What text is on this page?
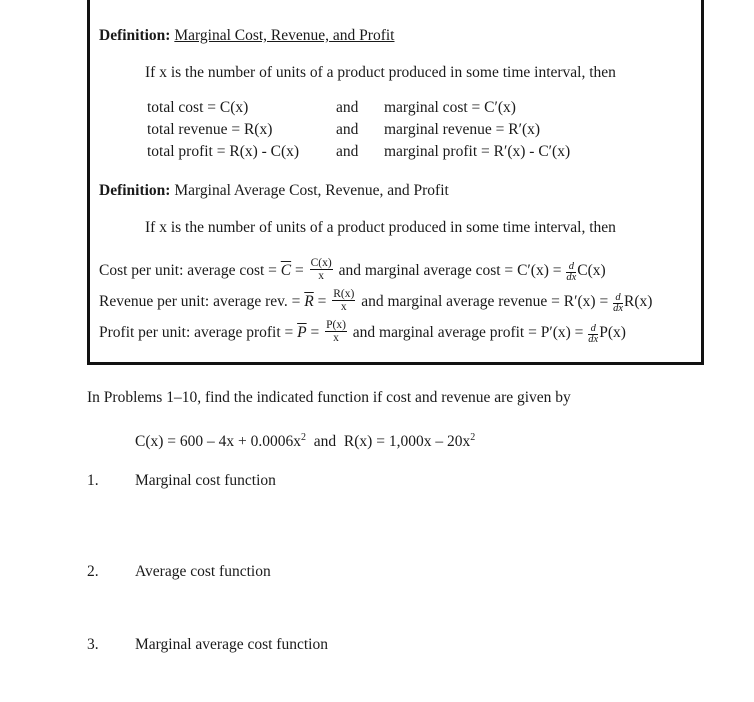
Definition: Marginal Cost, Revenue, and Profit
If x is the number of units of a product produced in some time interval, then
total cost = C(x)	and marginal cost = C′(x)
total revenue = R(x)	and marginal revenue = R′(x)
total profit = R(x) - C(x) and marginal profit = R′(x) - C′(x)
Definition: Marginal Average Cost, Revenue, and Profit
If x is the number of units of a product produced in some time interval, then
Cost per unit: average $\cos t = \overline{C} = \frac{C(x)}{x}$ and marginal average $\cos t = C'(x) = \frac{d}{dx}C(x)$
Revenue per unit: average rev. = $\overline{R} = \frac{R(x)}{x}$ and marginal average revenue = $R'(x) = \frac{d}{dx}R(x)$
Profit per unit: average profit = $\overline{P} = \frac{P(x)}{x}$ and marginal average profit = $P'(x) = \frac{d}{dx}P(x)$
In Problems 1–10, find the indicated function if cost and revenue are given by
$C(x) = 600 - 4x + 0.0006x^2$ and $R(x) = 1,000x - 20x^2$
1. Marginal cost function
2. Average cost function
3. Marginal average cost function
